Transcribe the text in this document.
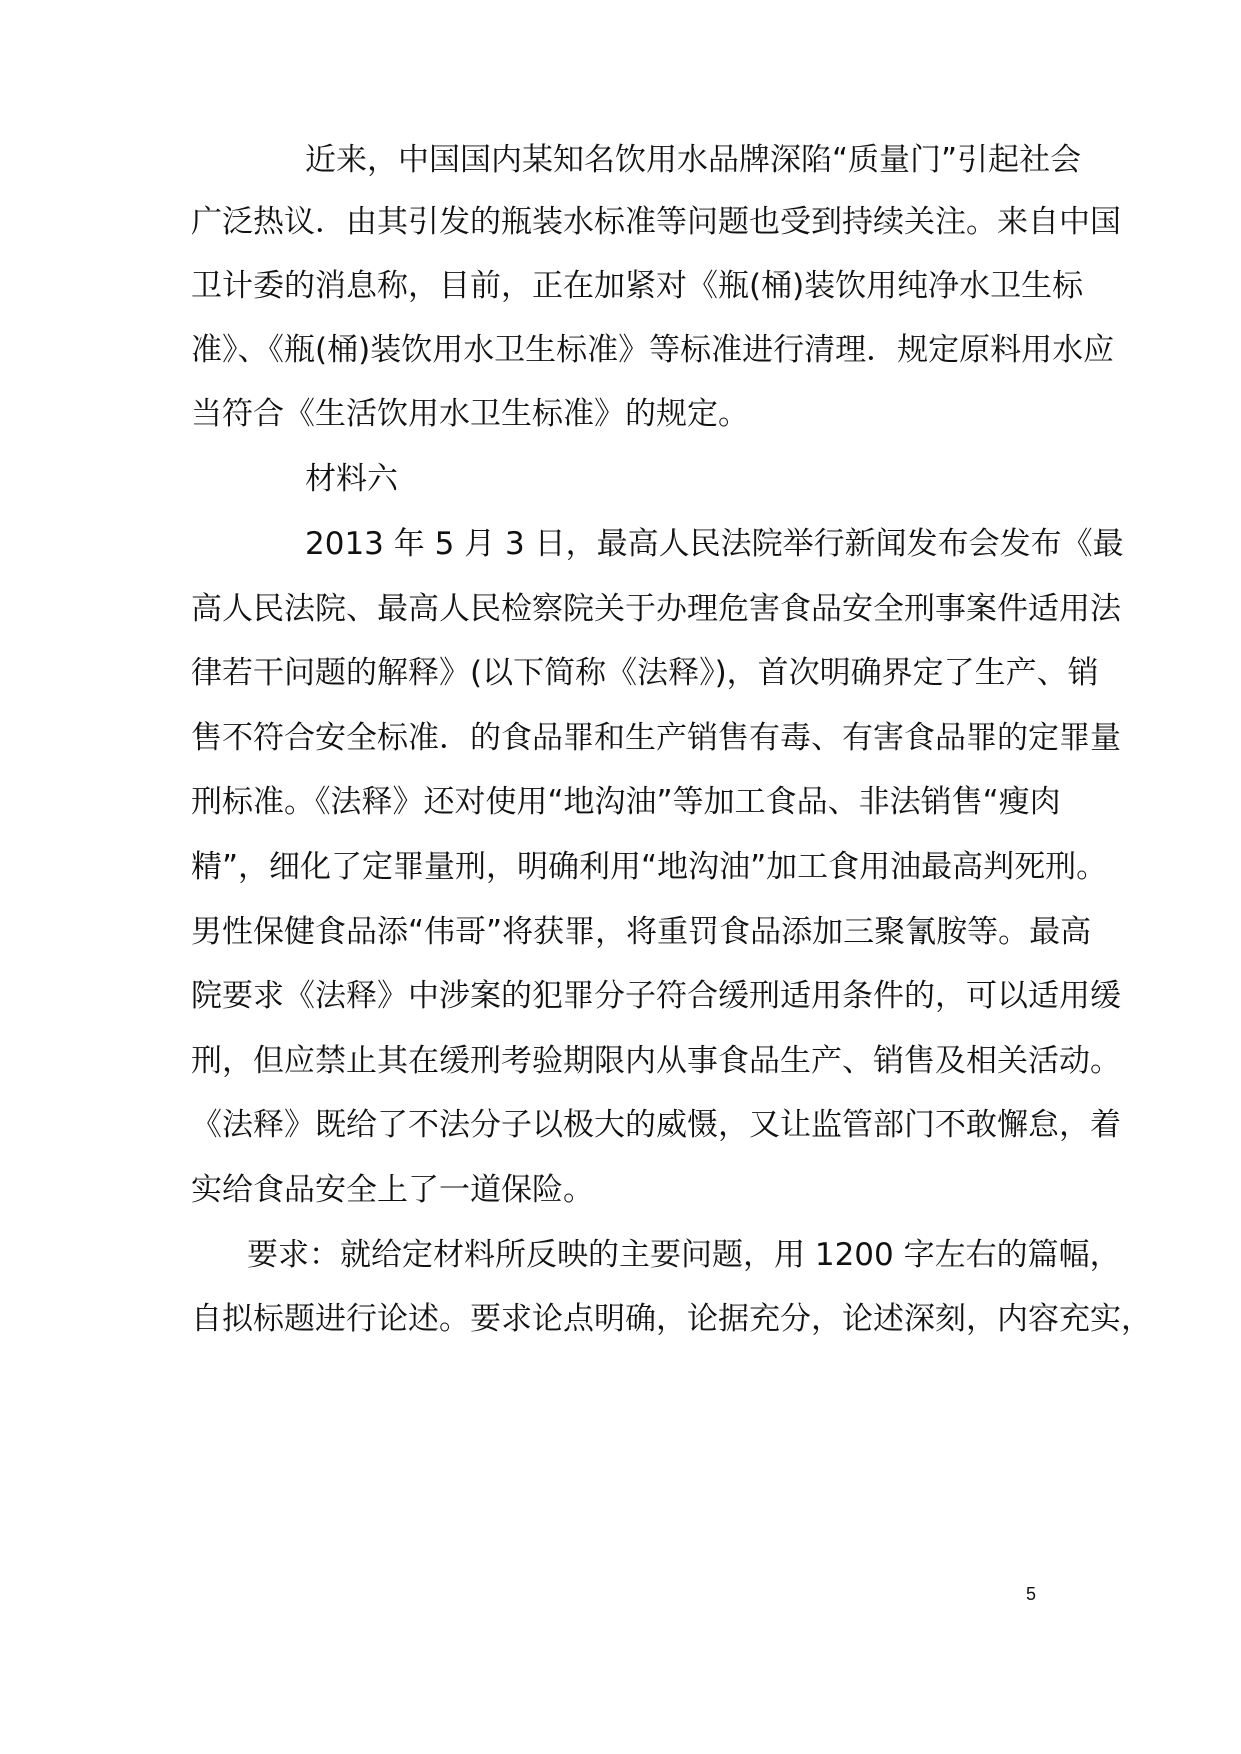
近来，中国国内某知名饮用水品牌深陷“质量门”引起社会
广泛热议．由其引发的瓶装水标准等问题也受到持续关注。来自中国
卫计委的消息称，目前，正在加紧对《瓶(桶)装饮用纯净水卫生标
准》、《瓶(桶)装饮用水卫生标准》等标准进行清理．规定原料用水应
当符合《生活饮用水卫生标准》的规定。
材料六
2013 年 5 月 3 日，最高人民法院举行新闻发布会发布《最
高人民法院、最高人民检察院关于办理危害食品安全刑事案件适用法
律若干问题的解释》(以下简称《法释》)，首次明确界定了生产、销
售不符合安全标准．的食品罪和生产销售有毒、有害食品罪的定罪量
刑标准。《法释》还对使用“地沟油”等加工食品、非法销售“瘦肉
精”，细化了定罪量刑，明确利用“地沟油”加工食用油最高判死刑。
男性保健食品添“伟哥”将获罪，将重罚食品添加三聚氰胺等。最高
院要求《法释》中涉案的犯罪分子符合缓刑适用条件的，可以适用缓
刑，但应禁止其在缓刑考验期限内从事食品生产、销售及相关活动。
《法释》既给了不法分子以极大的威慑，又让监管部门不敢懈怠，着
实给食品安全上了一道保险。
要求：就给定材料所反映的主要问题，用 1200 字左右的篇幅，
自拟标题进行论述。要求论点明确，论据充分，论述深刻，内容充实，
5
